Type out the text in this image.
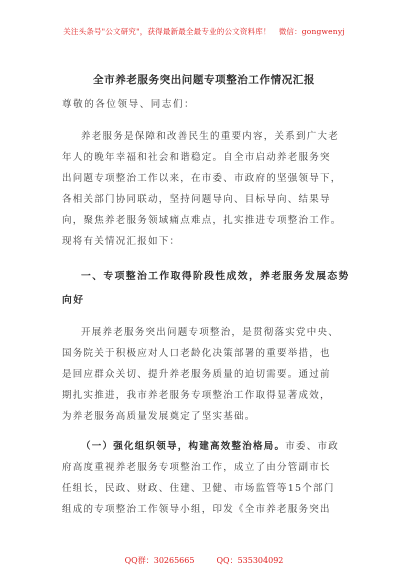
关注头条号"公文研究"，获得最新最全最专业的公文资料库！ 微信：gongwenyj
全市养老服务突出问题专项整治工作情况汇报
尊敬的各位领导、同志们：
养老服务是保障和改善民生的重要内容，关系到广大老
年人的晚年幸福和社会和谐稳定。自全市启动养老服务突
出问题专项整治工作以来，在市委、市政府的坚强领导下，
各相关部门协同联动，坚持问题导向、目标导向、结果导
向，聚焦养老服务领域痛点难点，扎实推进专项整治工作。
现将有关情况汇报如下：
一、专项整治工作取得阶段性成效，养老服务发展态势
向好
开展养老服务突出问题专项整治，是贯彻落实党中央、
国务院关于积极应对人口老龄化决策部署的重要举措，也
是回应群众关切、提升养老服务质量的迫切需要。通过前
期扎实推进，我市养老服务专项整治工作取得显著成效，
为养老服务高质量发展奠定了坚实基础。
（一）强化组织领导，构建高效整治格局。市委、市政
府高度重视养老服务专项整治工作，成立了由分管副市长
任组长，民政、财政、住建、卫健、市场监管等15个部门
组成的专项整治工作领导小组，印发《全市养老服务突出
QQ群：30265665	QQ：535304092
